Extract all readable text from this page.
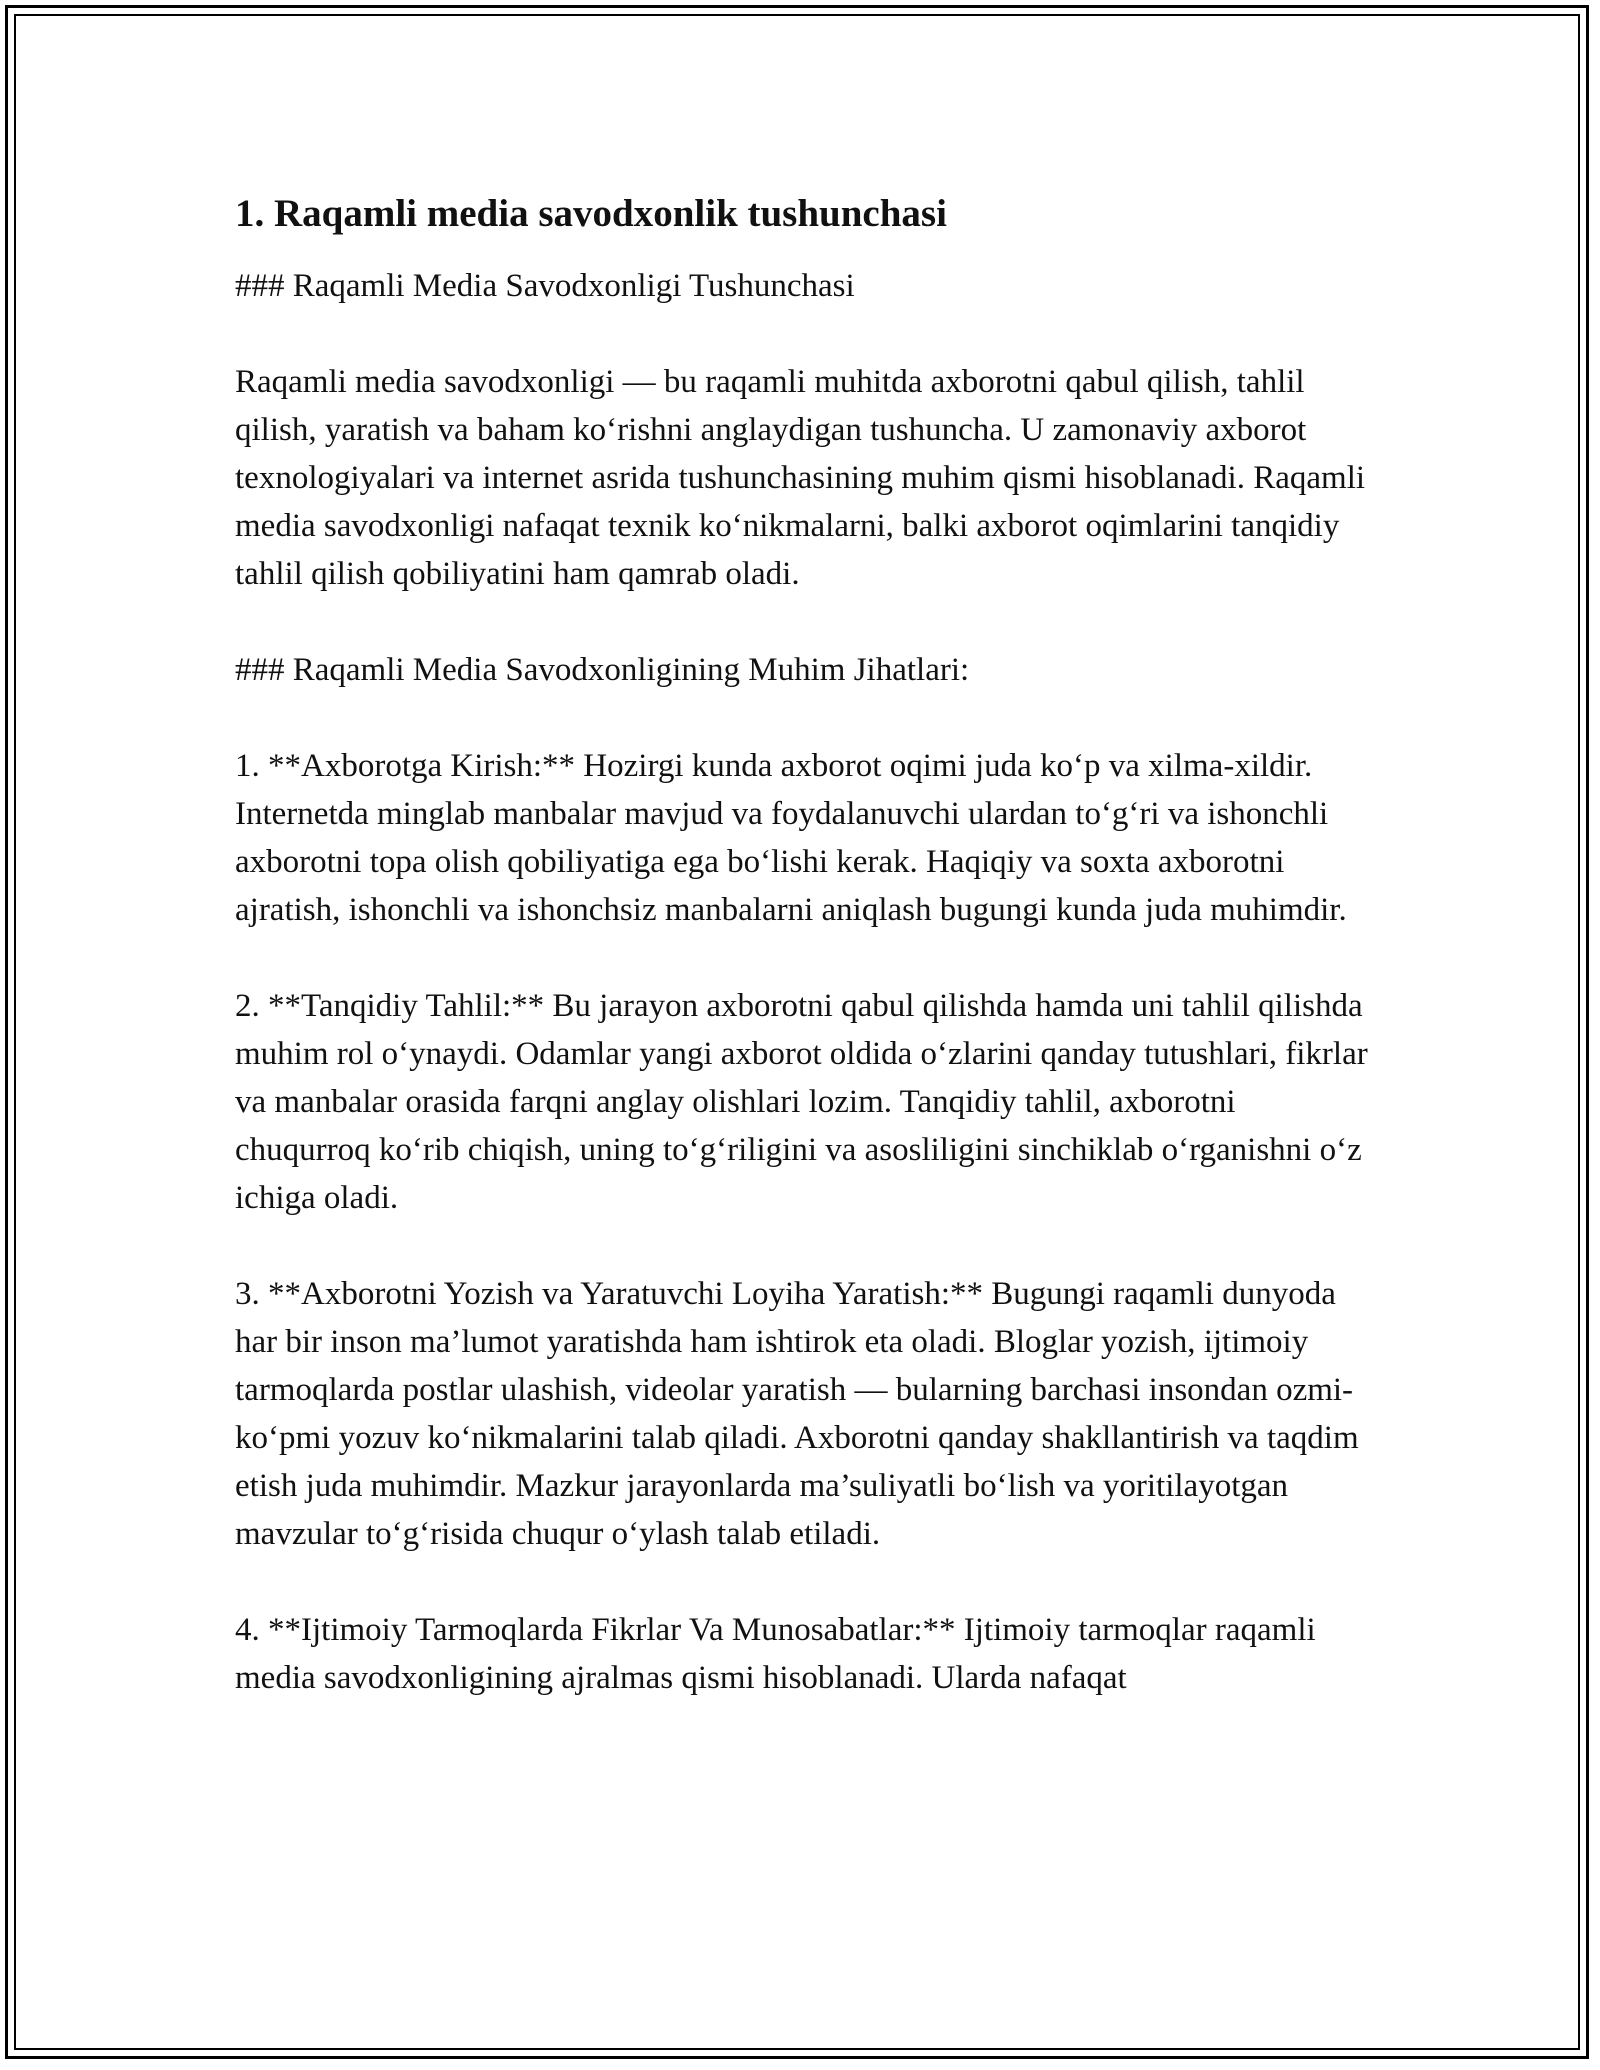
1. Raqamli media savodxonlik tushunchasi

### Raqamli Media Savodxonligi Tushunchasi

Raqamli media savodxonligi — bu raqamli muhitda axborotni qabul qilish, tahlil qilish, yaratish va baham ko‘rishni anglaydigan tushuncha. U zamonaviy axborot texnologiyalari va internet asrida tushunchasining muhim qismi hisoblanadi. Raqamli media savodxonligi nafaqat texnik ko‘nikmalarni, balki axborot oqimlarini tanqidiy tahlil qilish qobiliyatini ham qamrab oladi.

### Raqamli Media Savodxonligining Muhim Jihatlari:

1. **Axborotga Kirish:** Hozirgi kunda axborot oqimi juda ko‘p va xilma-xildir. Internetda minglab manbalar mavjud va foydalanuvchi ulardan to‘g‘ri va ishonchli axborotni topa olish qobiliyatiga ega bo‘lishi kerak. Haqiqiy va soxta axborotni ajratish, ishonchli va ishonchsiz manbalarni aniqlash bugungi kunda juda muhimdir.

2. **Tanqidiy Tahlil:** Bu jarayon axborotni qabul qilishda hamda uni tahlil qilishda muhim rol o‘ynaydi. Odamlar yangi axborot oldida o‘zlarini qanday tutushlari, fikrlar va manbalar orasida farqni anglay olishlari lozim. Tanqidiy tahlil, axborotni chuqurroq ko‘rib chiqish, uning to‘g‘riligini va asosliligini sinchiklab o‘rganishni o‘z ichiga oladi.

3. **Axborotni Yozish va Yaratuvchi Loyiha Yaratish:** Bugungi raqamli dunyoda har bir inson ma’lumot yaratishda ham ishtirok eta oladi. Bloglar yozish, ijtimoiy tarmoqlarda postlar ulashish, videolar yaratish — bularning barchasi insondan ozmi-ko‘pmi yozuv ko‘nikmalarini talab qiladi. Axborotni qanday shakllantirish va taqdim etish juda muhimdir. Mazkur jarayonlarda ma’suliyatli bo‘lish va yoritilayotgan mavzular to‘g‘risida chuqur o‘ylash talab etiladi.

4. **Ijtimoiy Tarmoqlarda Fikrlar Va Munosabatlar:** Ijtimoiy tarmoqlar raqamli media savodxonligining ajralmas qismi hisoblanadi. Ularda nafaqat
